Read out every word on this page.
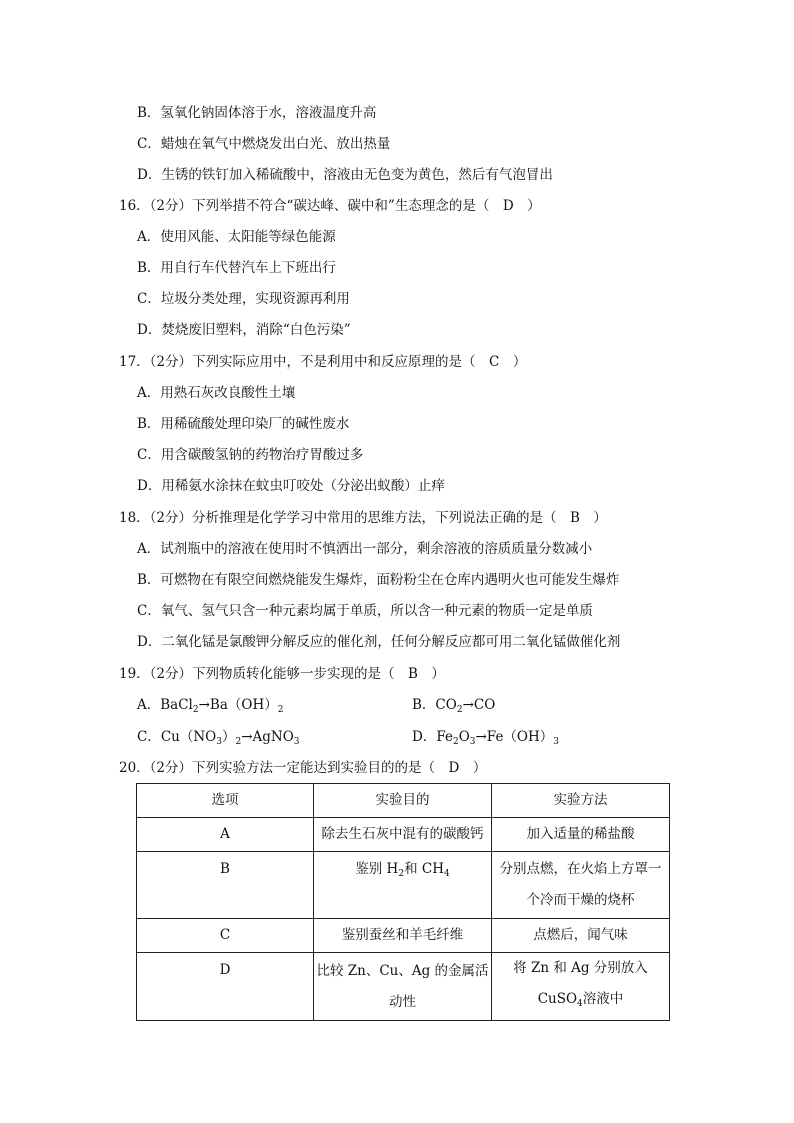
B．氢氧化钠固体溶于水，溶液温度升高
C．蜡烛在氧气中燃烧发出白光、放出热量
D．生锈的铁钉加入稀硫酸中，溶液由无色变为黄色，然后有气泡冒出
16．（2分）下列举措不符合“碳达峰、碳中和”生态理念的是（　D　）
A．使用风能、太阳能等绿色能源
B．用自行车代替汽车上下班出行
C．垃圾分类处理，实现资源再利用
D．焚烧废旧塑料，消除“白色污染”
17．（2分）下列实际应用中，不是利用中和反应原理的是（　C　）
A．用熟石灰改良酸性土壤
B．用稀硫酸处理印染厂的碱性废水
C．用含碳酸氢钠的药物治疗胃酸过多
D．用稀氨水涂抹在蚊虫叮咬处（分泌出蚁酸）止痒
18．（2分）分析推理是化学学习中常用的思维方法，下列说法正确的是（　B　）
A．试剂瓶中的溶液在使用时不慎洒出一部分，剩余溶液的溶质质量分数减小
B．可燃物在有限空间燃烧能发生爆炸，面粉粉尘在仓库内遇明火也可能发生爆炸
C．氧气、氢气只含一种元素均属于单质，所以含一种元素的物质一定是单质
D．二氧化锰是氯酸钾分解反应的催化剂，任何分解反应都可用二氧化锰做催化剂
19．（2分）下列物质转化能够一步实现的是（　B　）
A．$BaCl_2\to Ba(OH)_2$	B．$CO_2\to CO$
C．$Cu(NO_3)_2\to AgNO_3$	D．$Fe_2O_3\to Fe(OH)_3$
20．（2分）下列实验方法一定能达到实验目的的是（　D　）
选项	实验目的	实验方法
A	除去生石灰中混有的碳酸钙	加入适量的稀盐酸
B	鉴别 $H_2$和 $CH_4$	分别点燃，在火焰上方罩一个冷而干燥的烧杯
C	鉴别蚕丝和羊毛纤维	点燃后，闻气味
D	比较 Zn、Cu、Ag 的金属活动性	将 Zn 和 Ag 分别放入 CuSO$_4$溶液中
